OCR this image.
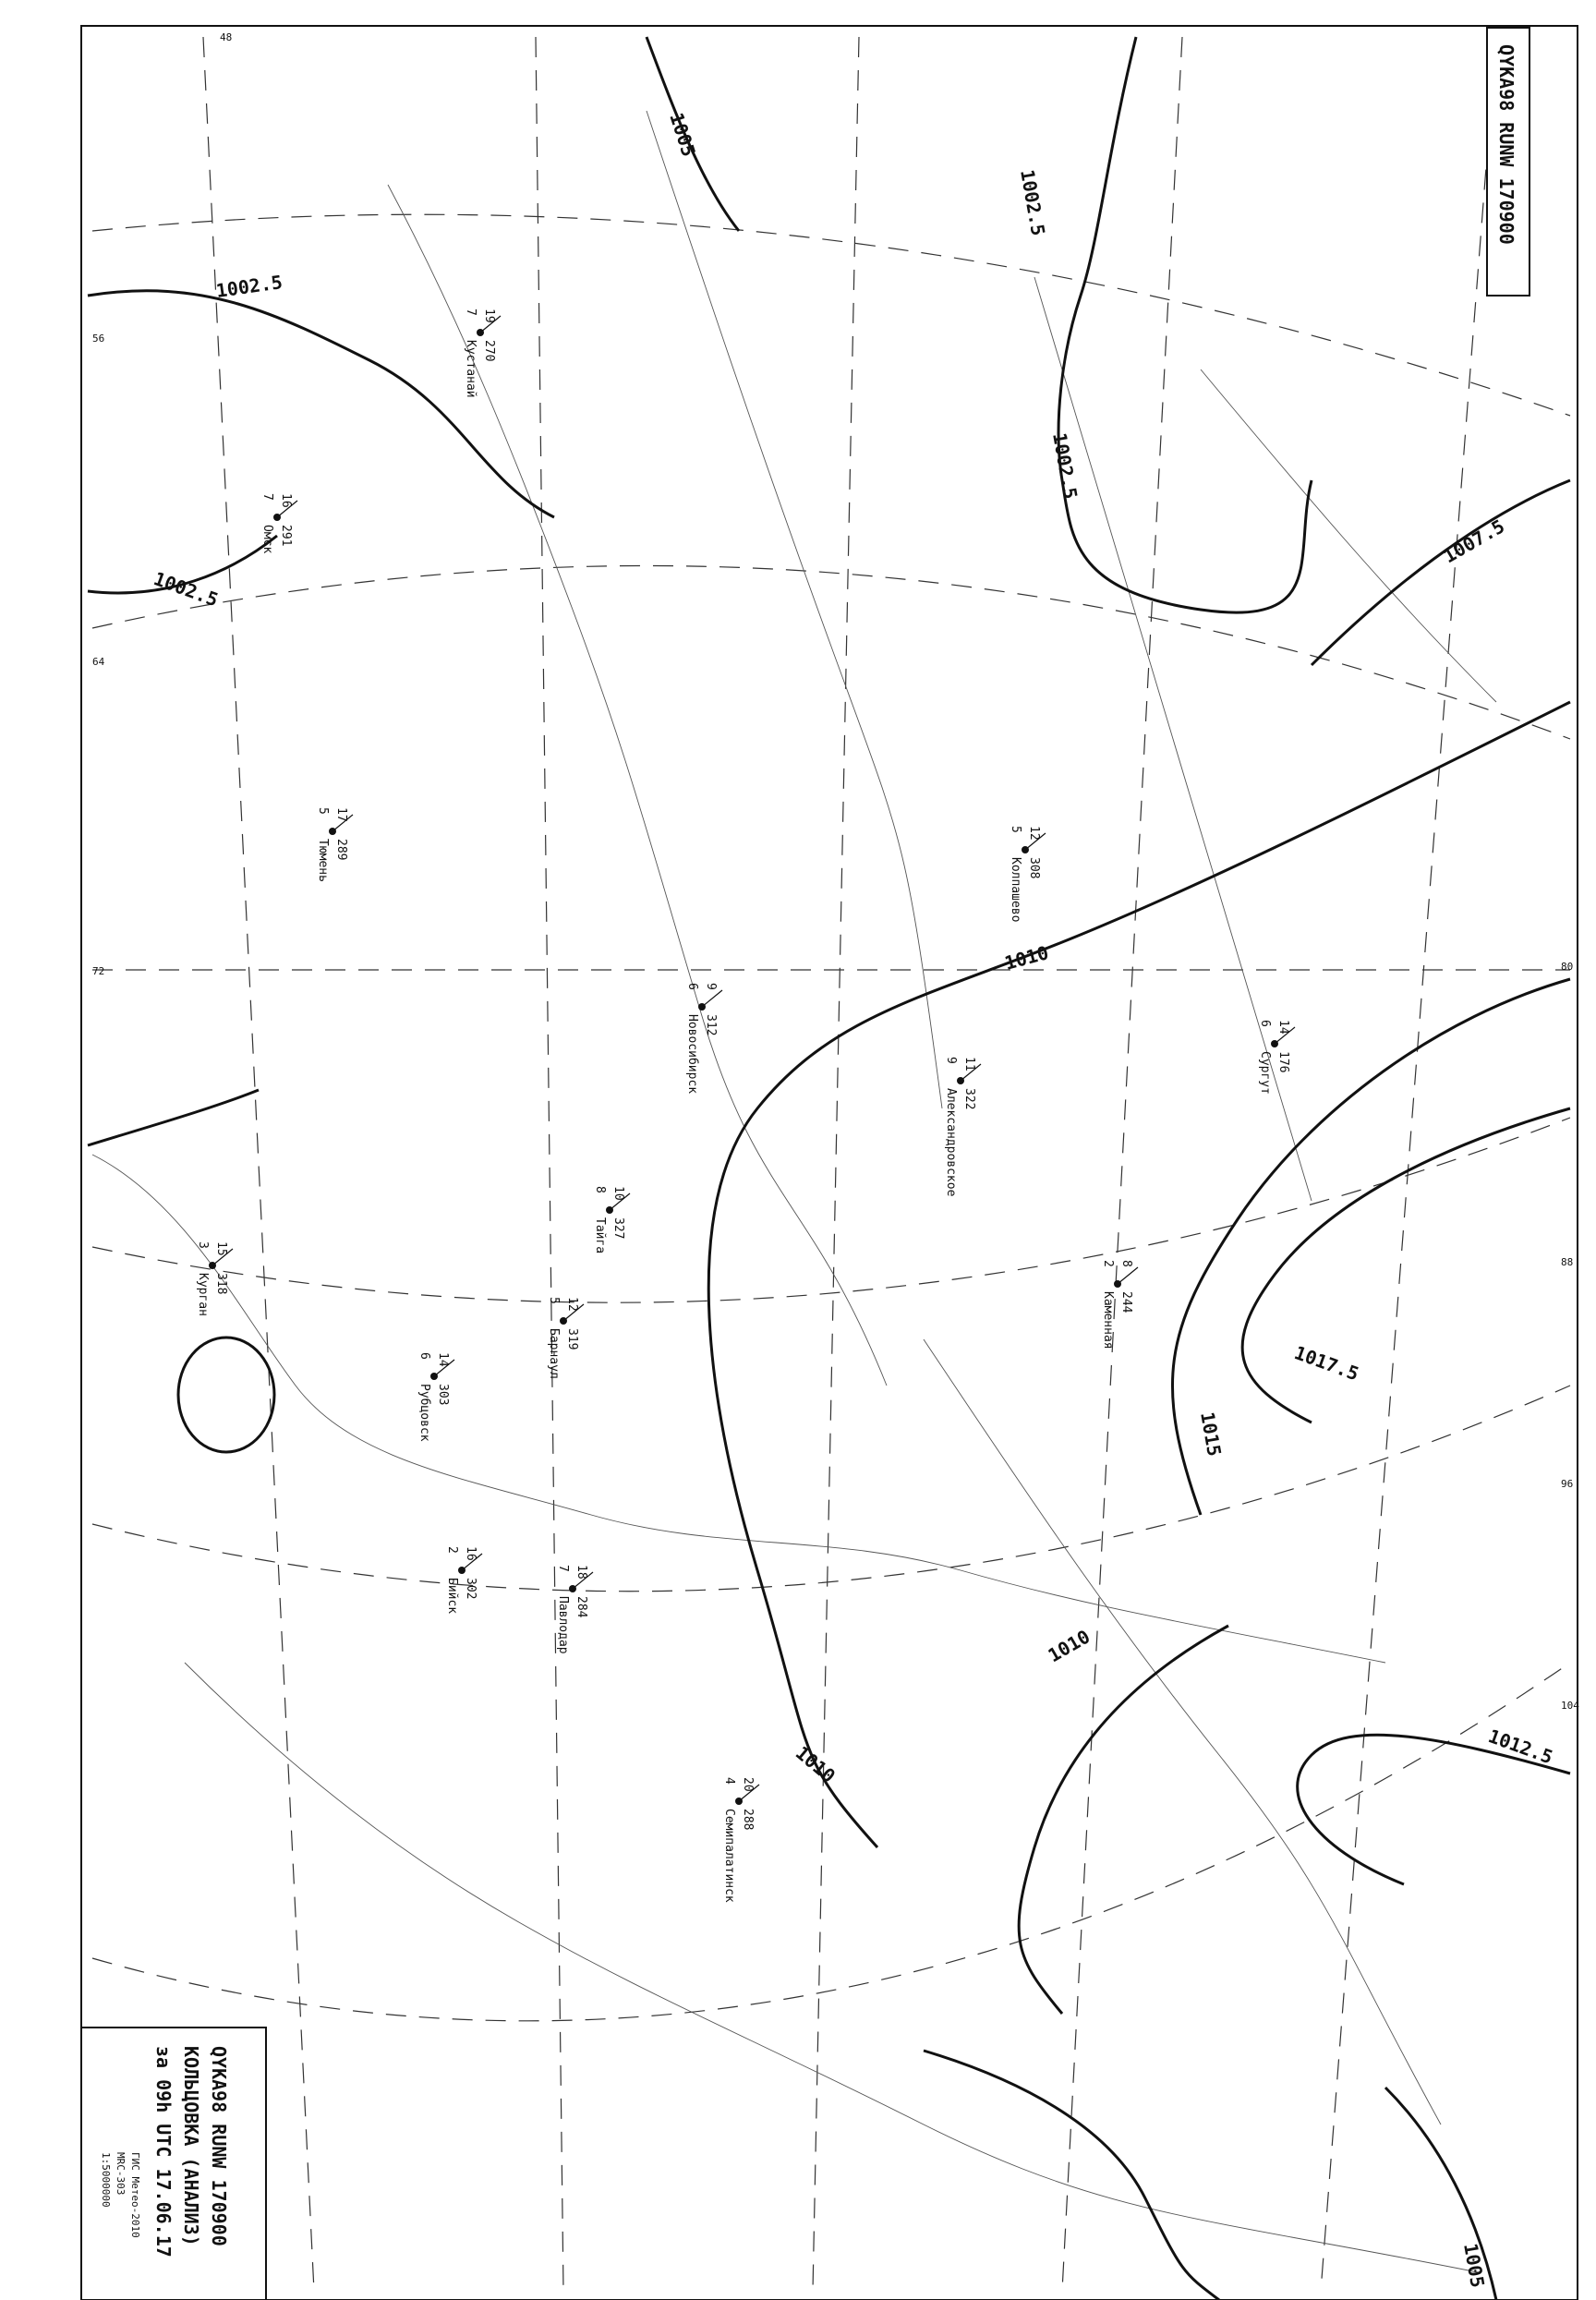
1002.5
1002.5
1002.5
1005
1002.5
1007.5
1010
1010
1010
1015
1017.5
1012.5
1005
48
56
64
72	80
88
96
104
291
16
7
Омск
270
19
7
Кустанай
312
9
6
Новосибирск
319
12
5
Барнаул
303
14
6
Рубцовск
284
18
7
Павлодар
288
20
4
Семипалатинск
327
10
8
Тайга
302
16
2
Бийск
322
11
9
Александровское
244
8
2
Каменная
308
12
5
Колпашево
176
14
6
Сургут
289
17
5
Тюмень
318
15
3
Курган
QYKA98 RUNW 170900
QYKA98 RUNW 170900
КОЛЬЦОВКА (АНАЛИЗ)
за 09h UTC 17.06.17
ГИС Метео-2010
MRC-303
1:5000000
